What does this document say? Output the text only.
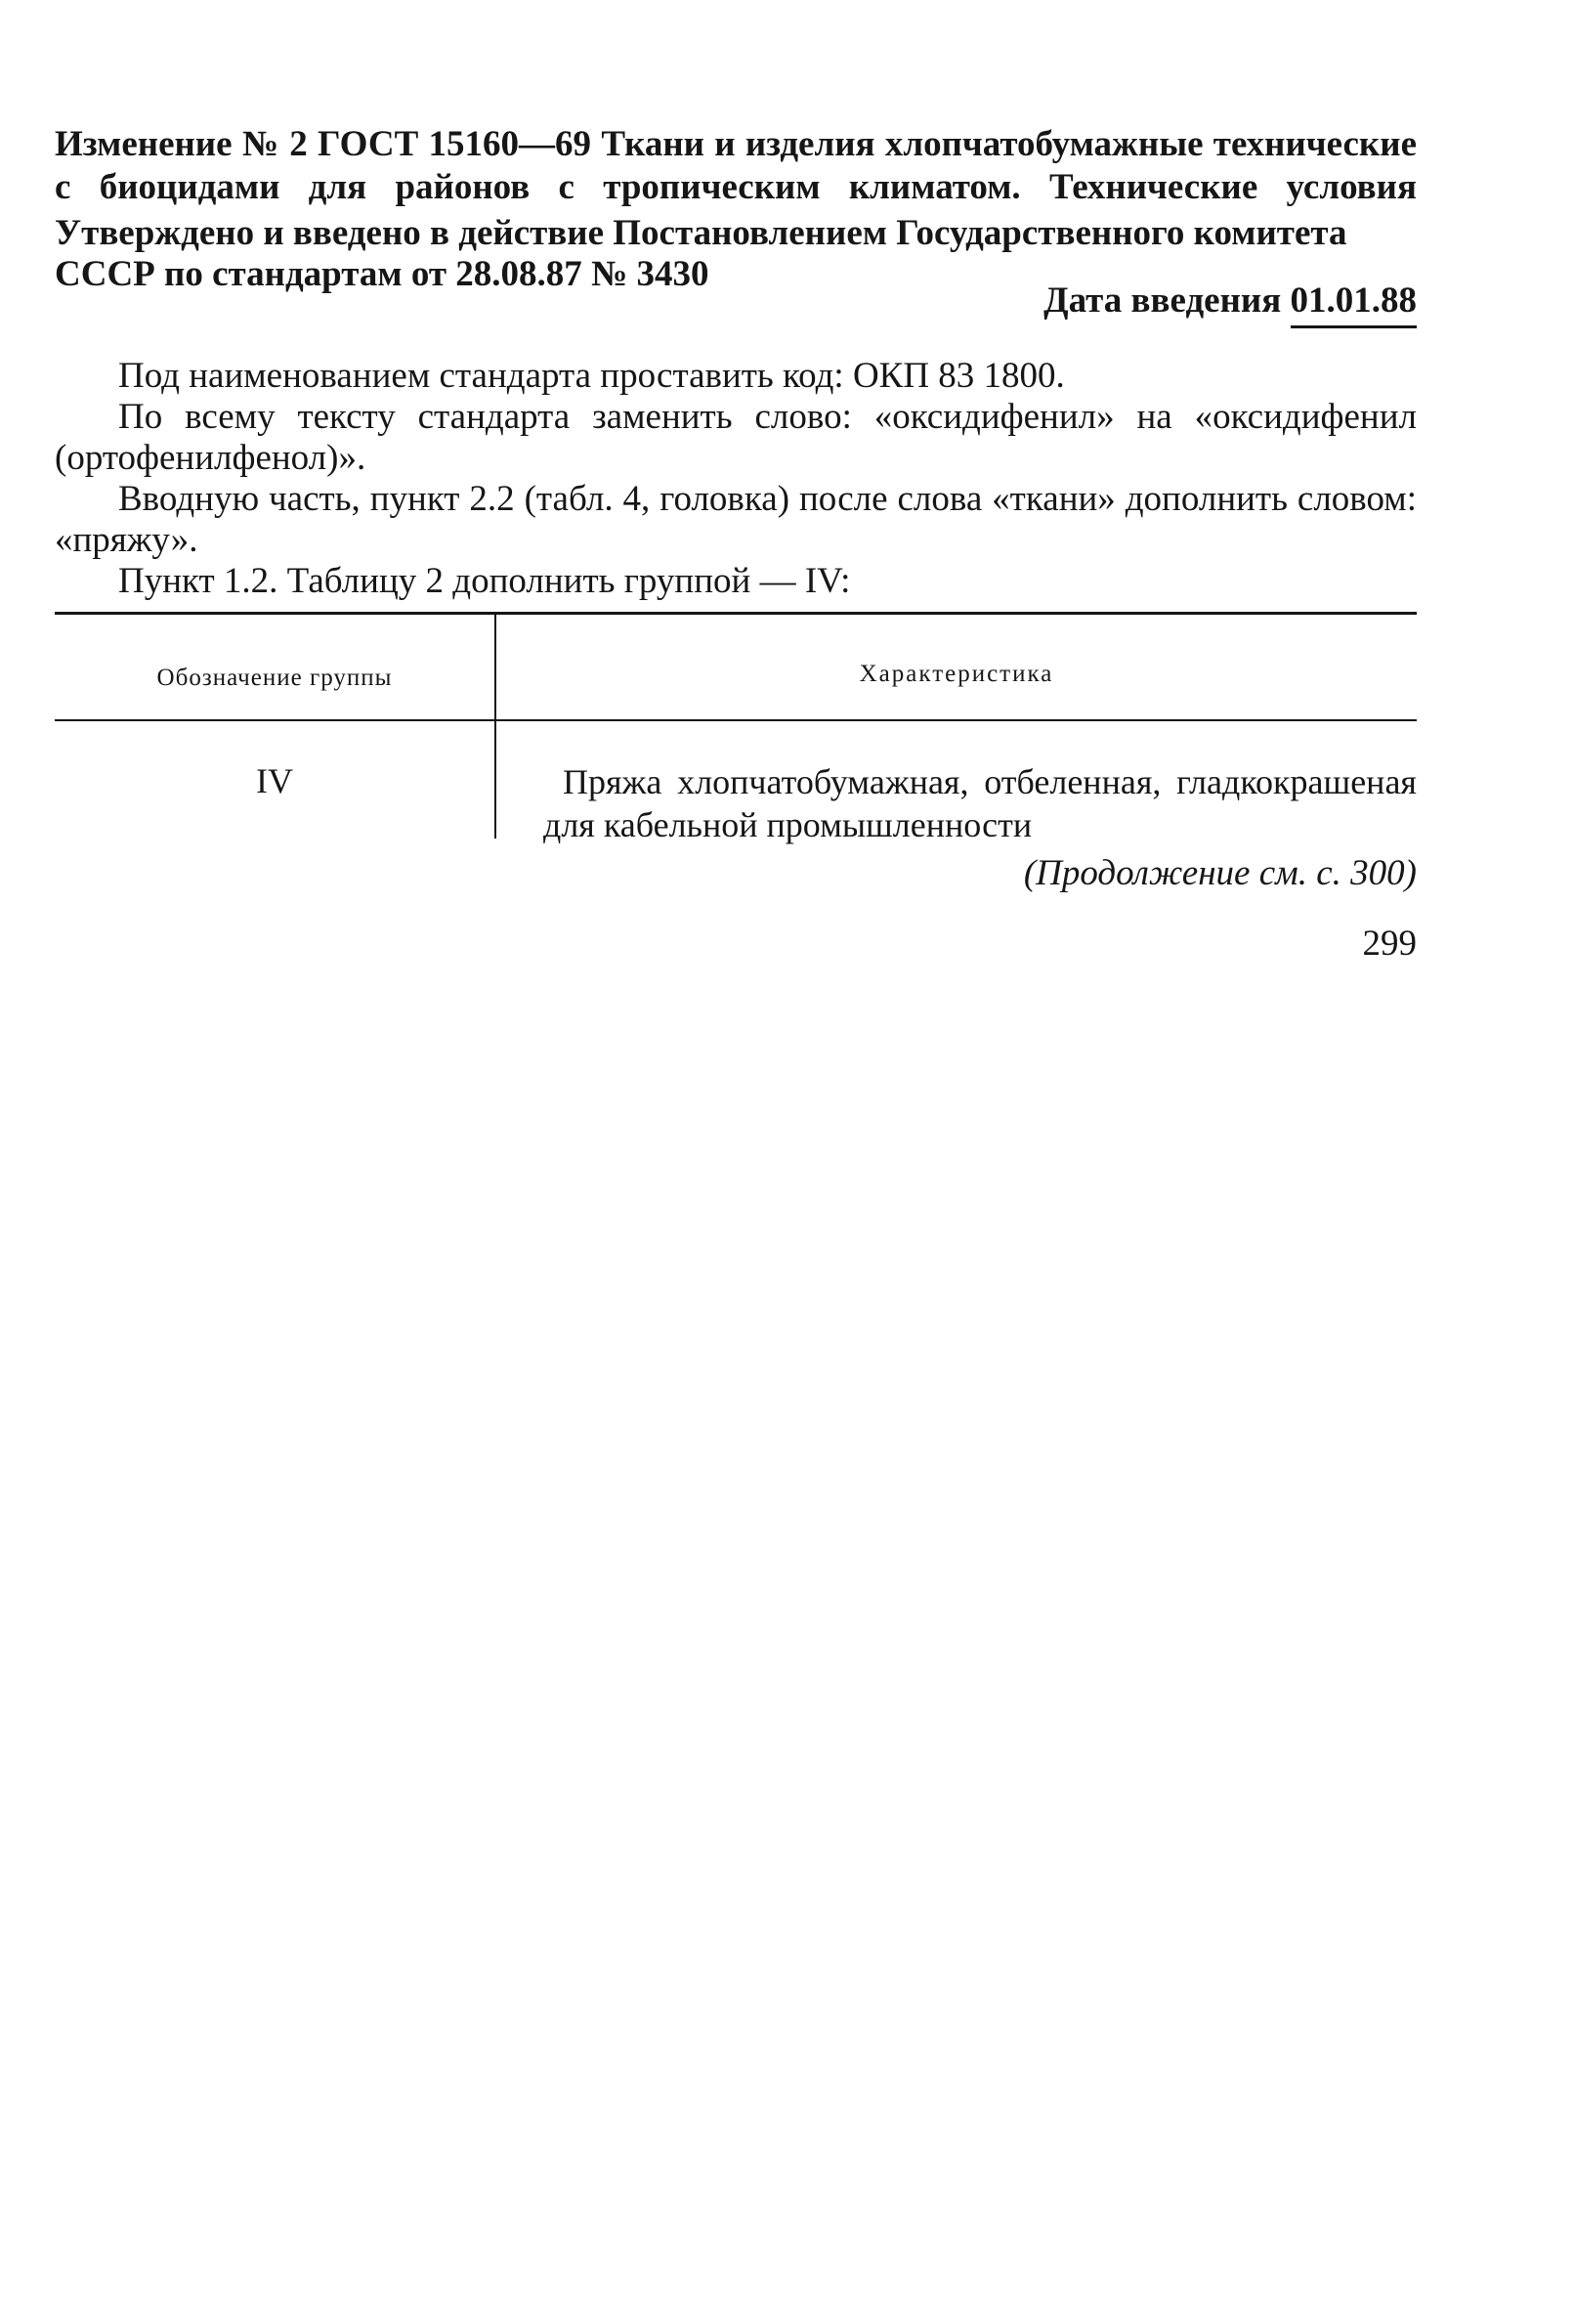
Изменение № 2 ГОСТ 15160—69 Ткани и изделия хлопчатобумажные технические с биоцидами для районов с тропическим климатом. Технические условия
Утверждено и введено в действие Постановлением Государственного комитета
СССР по стандартам от 28.08.87 № 3430
Дата введения 01.01.88

Под наименованием стандарта проставить код: ОКП 83 1800.

По всему тексту стандарта заменить слово: «оксидифенил» на «оксидифенил (ортофенилфенол)».

Вводную часть, пункт 2.2 (табл. 4, головка) после слова «ткани» дополнить словом: «пряжу».

Пункт 1.2. Таблицу 2 дополнить группой — IV:

Обозначение группы	Характеристика
IV	Пряжа хлопчатобумажная, отбеленная, гладкокрашеная для кабельной промышленности
(Продолжение см. с. 300)
299
